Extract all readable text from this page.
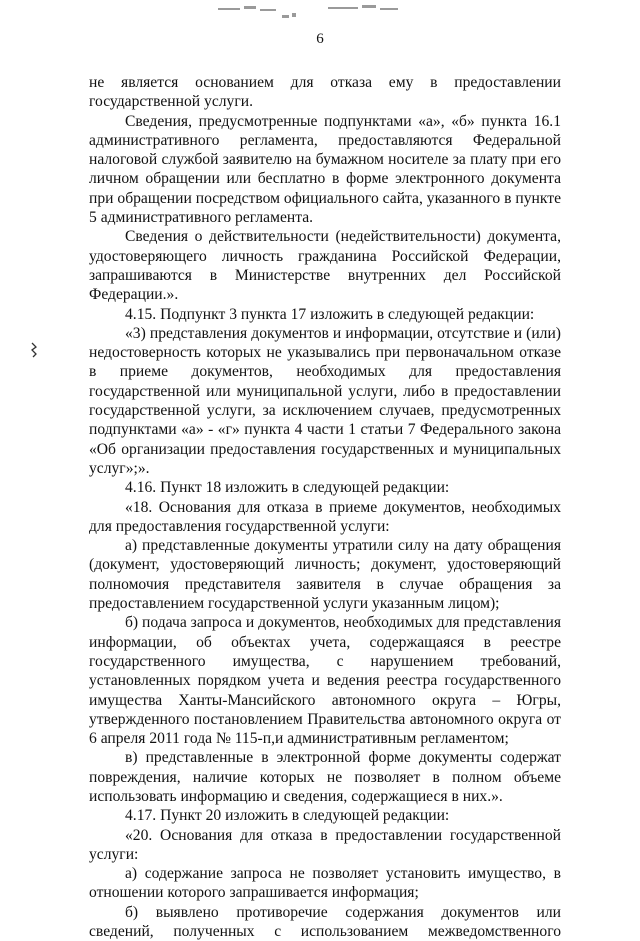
6

не является основанием для отказа ему в предоставлении государственной услуги.

Сведения, предусмотренные подпунктами «а», «б» пункта 16.1 административного регламента, предоставляются Федеральной налоговой службой заявителю на бумажном носителе за плату при его личном обращении или бесплатно в форме электронного документа при обращении посредством официального сайта, указанного в пункте 5 административного регламента.

Сведения о действительности (недействительности) документа, удостоверяющего личность гражданина Российской Федерации, запрашиваются в Министерстве внутренних дел Российской Федерации.».

4.15. Подпункт 3 пункта 17 изложить в следующей редакции:

«3) представления документов и информации, отсутствие и (или) недостоверность которых не указывались при первоначальном отказе в приеме документов, необходимых для предоставления государственной или муниципальной услуги, либо в предоставлении государственной услуги, за исключением случаев, предусмотренных подпунктами «а» - «г» пункта 4 части 1 статьи 7 Федерального закона «Об организации предоставления государственных и муниципальных услуг»;».

4.16. Пункт 18 изложить в следующей редакции:

«18. Основания для отказа в приеме документов, необходимых для предоставления государственной услуги:

а) представленные документы утратили силу на дату обращения (документ, удостоверяющий личность; документ, удостоверяющий полномочия представителя заявителя в случае обращения за предоставлением государственной услуги указанным лицом);

б) подача запроса и документов, необходимых для представления информации, об объектах учета, содержащаяся в реестре государственного имущества, с нарушением требований, установленных порядком учета и ведения реестра государственного имущества Ханты-Мансийского автономного округа – Югры, утвержденного постановлением Правительства автономного округа от 6 апреля 2011 года № 115-п,и административным регламентом;

в) представленные в электронной форме документы содержат повреждения, наличие которых не позволяет в полном объеме использовать информацию и сведения, содержащиеся в них.».

4.17. Пункт 20 изложить в следующей редакции:

«20. Основания для отказа в предоставлении государственной услуги:

а) содержание запроса не позволяет установить имущество, в отношении которого запрашивается информация;

б) выявлено противоречие содержания документов или сведений, полученных с использованием межведомственного
